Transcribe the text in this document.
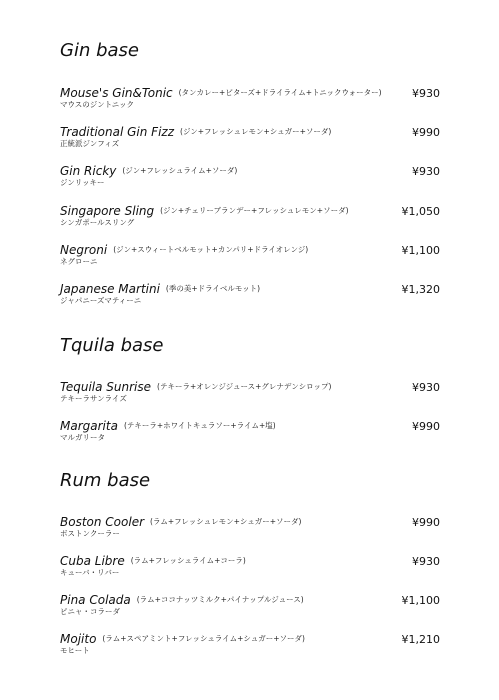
Gin base
Mouse's Gin&Tonic (タンカレー+ビターズ+ドライライム+トニックウォーター)
マウスのジントニック
¥930
Traditional Gin Fizz (ジン+フレッシュレモン+シュガー+ソーダ)
正統派ジンフィズ
¥990
Gin Ricky (ジン+フレッシュライム+ソーダ)
ジンリッキー
¥930
Singapore Sling (ジン+チェリーブランデー+フレッシュレモン+ソーダ)
シンガポールスリング
¥1,050
Negroni (ジン+スウィートベルモット+カンパリ+ドライオレンジ)
ネグローニ
¥1,100
Japanese Martini (季の美+ドライベルモット)
ジャパニーズマティーニ
¥1,320
Tquila base
Tequila Sunrise (テキーラ+オレンジジュース+グレナデンシロップ)
テキーラサンライズ
¥930
Margarita (テキーラ+ホワイトキュラソー+ライム+塩)
マルガリータ
¥990
Rum base
Boston Cooler (ラム+フレッシュレモン+シュガー+ソーダ)
ボストンクーラー
¥990
Cuba Libre (ラム+フレッシュライム+コーラ)
キューバ・リバー
¥930
Pina Colada (ラム+ココナッツミルク+パイナップルジュース)
ピニャ・コラーダ
¥1,100
Mojito (ラム+スペアミント+フレッシュライム+シュガー+ソーダ)
モヒート
¥1,210
